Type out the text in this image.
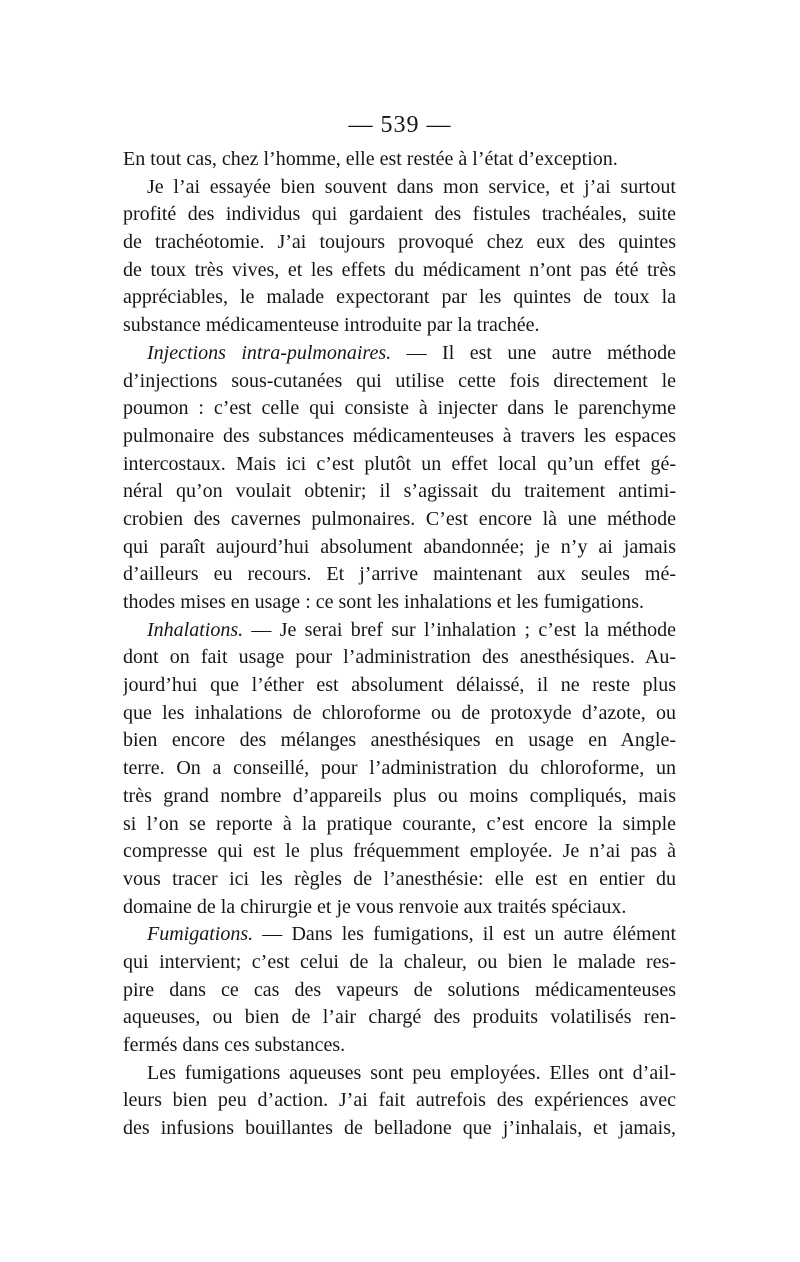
— 539 —
En tout cas, chez l’homme, elle est restée à l’état d’exception.
Je l’ai essayée bien souvent dans mon service, et j’ai surtout
profité des individus qui gardaient des fistules trachéales, suite
de trachéotomie. J’ai toujours provoqué chez eux des quintes
de toux très vives, et les effets du médicament n’ont pas été très
appréciables, le malade expectorant par les quintes de toux la
substance médicamenteuse introduite par la trachée.
Injections intra-pulmonaires. — Il est une autre méthode
d’injections sous-cutanées qui utilise cette fois directement le
poumon : c’est celle qui consiste à injecter dans le parenchyme
pulmonaire des substances médicamenteuses à travers les espaces
intercostaux. Mais ici c’est plutôt un effet local qu’un effet gé-
néral qu’on voulait obtenir; il s’agissait du traitement antimi-
crobien des cavernes pulmonaires. C’est encore là une méthode
qui paraît aujourd’hui absolument abandonnée; je n’y ai jamais
d’ailleurs eu recours. Et j’arrive maintenant aux seules mé-
thodes mises en usage : ce sont les inhalations et les fumigations.
Inhalations. — Je serai bref sur l’inhalation ; c’est la méthode
dont on fait usage pour l’administration des anesthésiques. Au-
jourd’hui que l’éther est absolument délaissé, il ne reste plus
que les inhalations de chloroforme ou de protoxyde d’azote, ou
bien encore des mélanges anesthésiques en usage en Angle-
terre. On a conseillé, pour l’administration du chloroforme, un
très grand nombre d’appareils plus ou moins compliqués, mais
si l’on se reporte à la pratique courante, c’est encore la simple
compresse qui est le plus fréquemment employée. Je n’ai pas à
vous tracer ici les règles de l’anesthésie: elle est en entier du
domaine de la chirurgie et je vous renvoie aux traités spéciaux.
Fumigations. — Dans les fumigations, il est un autre élément
qui intervient; c’est celui de la chaleur, ou bien le malade res-
pire dans ce cas des vapeurs de solutions médicamenteuses
aqueuses, ou bien de l’air chargé des produits volatilisés ren-
fermés dans ces substances.
Les fumigations aqueuses sont peu employées. Elles ont d’ail-
leurs bien peu d’action. J’ai fait autrefois des expériences avec
des infusions bouillantes de belladone que j’inhalais, et jamais,
